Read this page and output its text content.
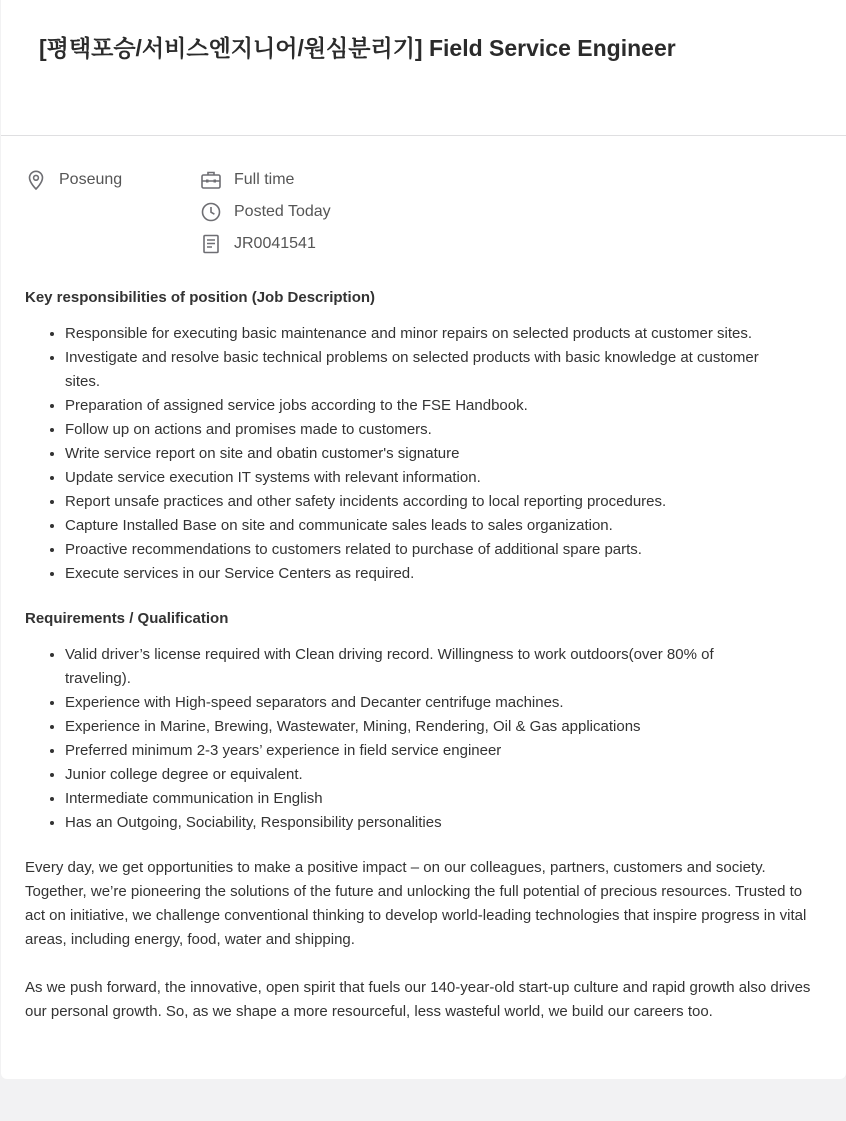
[평택포승/서비스엔지니어/원심분리기] Field Service Engineer
Poseung	Full time
Posted Today
JR0041541

Key responsibilities of position (Job Description)

• Responsible for executing basic maintenance and minor repairs on selected products at customer sites.
• Investigate and resolve basic technical problems on selected products with basic knowledge at customer sites.
• Preparation of assigned service jobs according to the FSE Handbook.
• Follow up on actions and promises made to customers.
• Write service report on site and obatin customer's signature
• Update service execution IT systems with relevant information.
• Report unsafe practices and other safety incidents according to local reporting procedures.
• Capture Installed Base on site and communicate sales leads to sales organization.
• Proactive recommendations to customers related to purchase of additional spare parts.
• Execute services in our Service Centers as required.

Requirements / Qualification

• Valid driver’s license required with Clean driving record. Willingness to work outdoors(over 80% of traveling).
• Experience with High-speed separators and Decanter centrifuge machines.
• Experience in Marine, Brewing, Wastewater, Mining, Rendering, Oil & Gas applications
• Preferred minimum 2-3 years’ experience in field service engineer
• Junior college degree or equivalent.
• Intermediate communication in English
• Has an Outgoing, Sociability, Responsibility personalities

Every day, we get opportunities to make a positive impact – on our colleagues, partners, customers and society. Together, we’re pioneering the solutions of the future and unlocking the full potential of precious resources. Trusted to act on initiative, we challenge conventional thinking to develop world-leading technologies that inspire progress in vital areas, including energy, food, water and shipping.

As we push forward, the innovative, open spirit that fuels our 140-year-old start-up culture and rapid growth also drives our personal growth. So, as we shape a more resourceful, less wasteful world, we build our careers too.
